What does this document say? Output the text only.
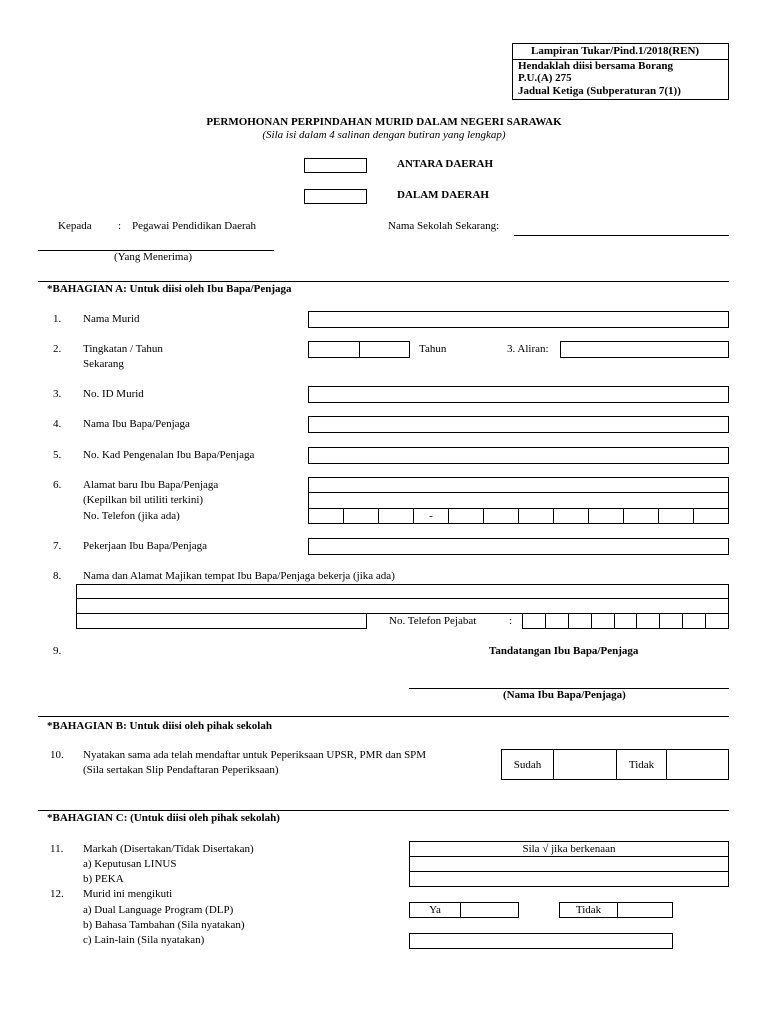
Lampiran Tukar/Pind.1/2018(REN)
Hendaklah diisi bersama Borang
P.U.(A) 275
Jadual Ketiga (Subperaturan 7(1))
PERMOHONAN PERPINDAHAN MURID DALAM NEGERI SARAWAK
(Sila isi dalam 4 salinan dengan butiran yang lengkap)
ANTARA DAERAH
DALAM DAERAH
Kepada : Pegawai Pendidikan Daerah	Nama Sekolah Sekarang:
(Yang Menerima)
*BAHAGIAN A: Untuk diisi oleh Ibu Bapa/Penjaga
1. Nama Murid
2. Tingkatan / Tahun
Sekarang
Tahun	3. Aliran:
3. No. ID Murid
4. Nama Ibu Bapa/Penjaga
5. No. Kad Pengenalan Ibu Bapa/Penjaga
6. Alamat baru Ibu Bapa/Penjaga
(Kepilkan bil utiliti terkini)
No. Telefon (jika ada)	-
7. Pekerjaan Ibu Bapa/Penjaga
8. Nama dan Alamat Majikan tempat Ibu Bapa/Penjaga bekerja (jika ada)
No. Telefon Pejabat	:
9.	Tandatangan Ibu Bapa/Penjaga
(Nama Ibu Bapa/Penjaga)
*BAHAGIAN B: Untuk diisi oleh pihak sekolah
10. Nyatakan sama ada telah mendaftar untuk Peperiksaan UPSR, PMR dan SPM
(Sila sertakan Slip Pendaftaran Peperiksaan)	Sudah	Tidak
*BAHAGIAN C: (Untuk diisi oleh pihak sekolah)
11. Markah (Disertakan/Tidak Disertakan)
a) Keputusan LINUS
b) PEKA
Sila √ jika berkenaan
12. Murid ini mengikuti
a) Dual Language Program (DLP)
b) Bahasa Tambahan (Sila nyatakan)
c) Lain-lain (Sila nyatakan)
Ya	Tidak
